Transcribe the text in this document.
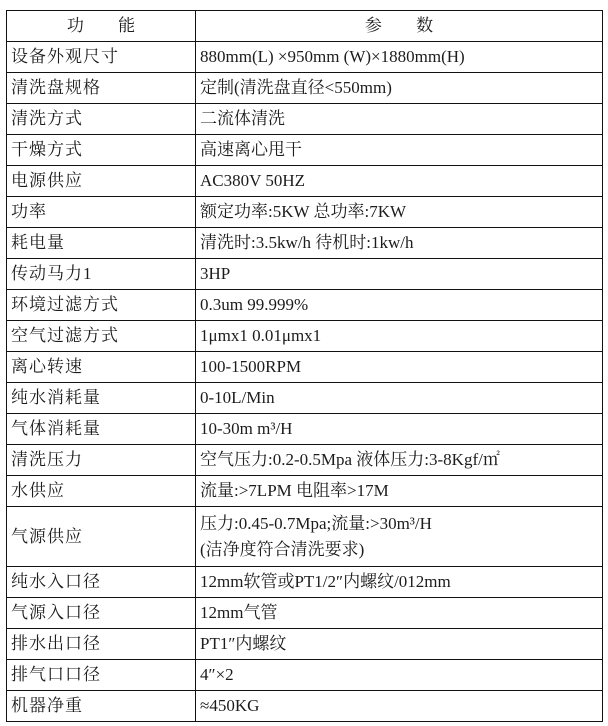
功 能	参 数
设备外观尺寸	880mm(L) ×950mm (W)×1880mm(H)

清洗盘规格	定制(清洗盘直径<550mm)

清洗方式	二流体清洗

干燥方式	高速离心甩干

电源供应	AC380V 50HZ

功率	额定功率:5KW 总功率:7KW

耗电量	清洗时:3.5kw/h 待机时:1kw/h

传动马力1	3HP

环境过滤方式	0.3um 99.999%

空气过滤方式	1μmx1 0.01μmx1

离心转速	100-1500RPM

纯水消耗量	0-10L/Min

气体消耗量	10-30m m³/H

清洗压力	空气压力:0.2-0.5Mpa 液体压力:3-8Kgf/㎡

水供应	流量:>7LPM 电阻率>17M

气源供应	压力:0.45-0.7Mpa;流量:>30m³/H
(洁净度符合清洗要求)

纯水入口径	12mm软管或PT1/2″内螺纹/012mm

气源入口径	12mm气管

排水出口径	PT1″内螺纹

排气口口径	4″×2

机器净重	≈450KG
